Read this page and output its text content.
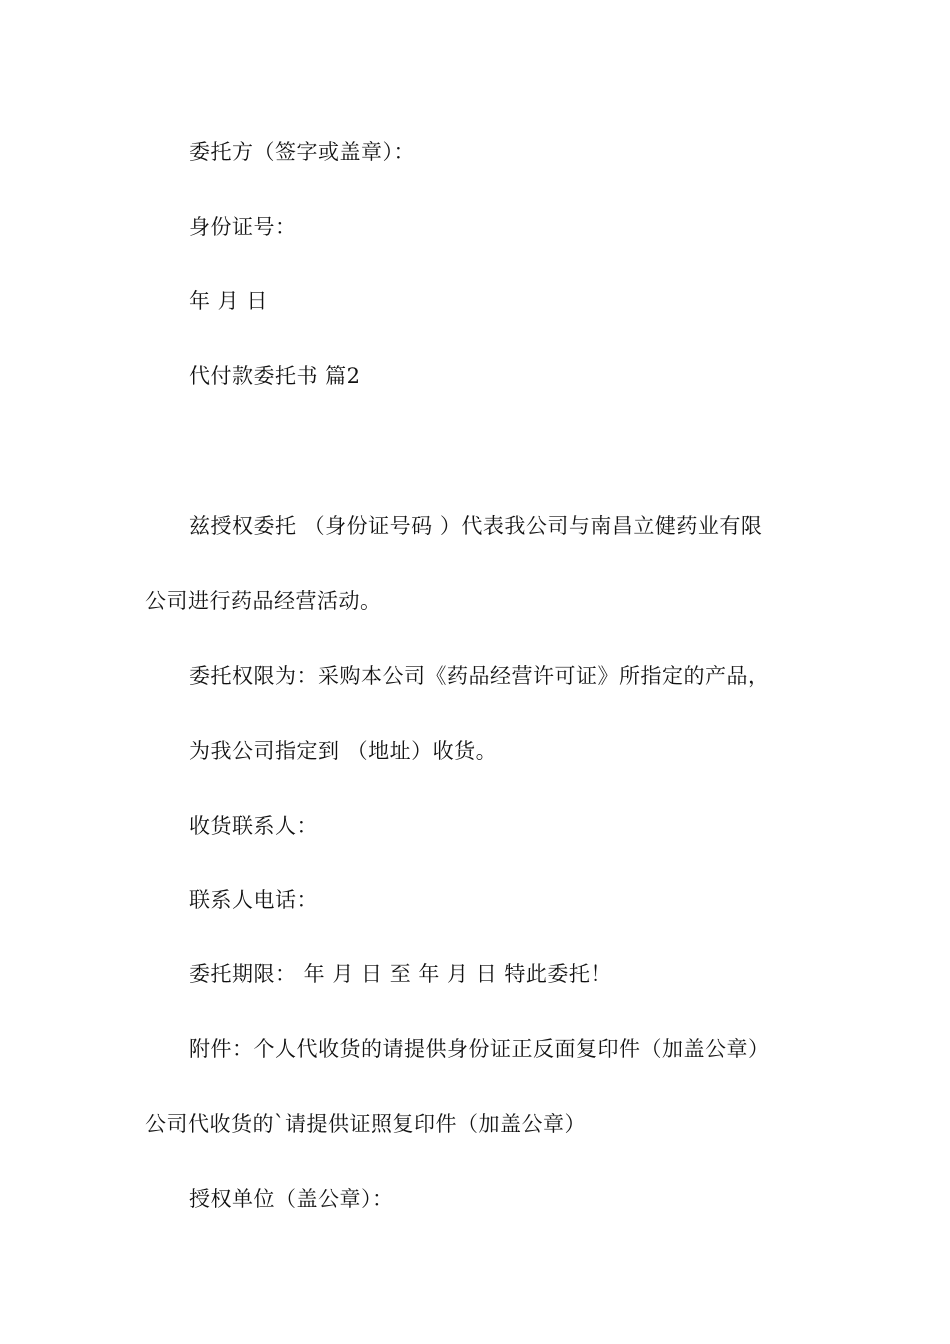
委托方（签字或盖章）：
身份证号：
年 月 日
代付款委托书 篇2
兹授权委托 （身份证号码 ）代表我公司与南昌立健药业有限
公司进行药品经营活动。
委托权限为：采购本公司《药品经营许可证》所指定的产品，
为我公司指定到 （地址）收货。
收货联系人：
联系人电话：
委托期限： 年 月 日 至 年 月 日 特此委托！
附件：个人代收货的请提供身份证正反面复印件（加盖公章）
公司代收货的`请提供证照复印件（加盖公章）
授权单位（盖公章）：
